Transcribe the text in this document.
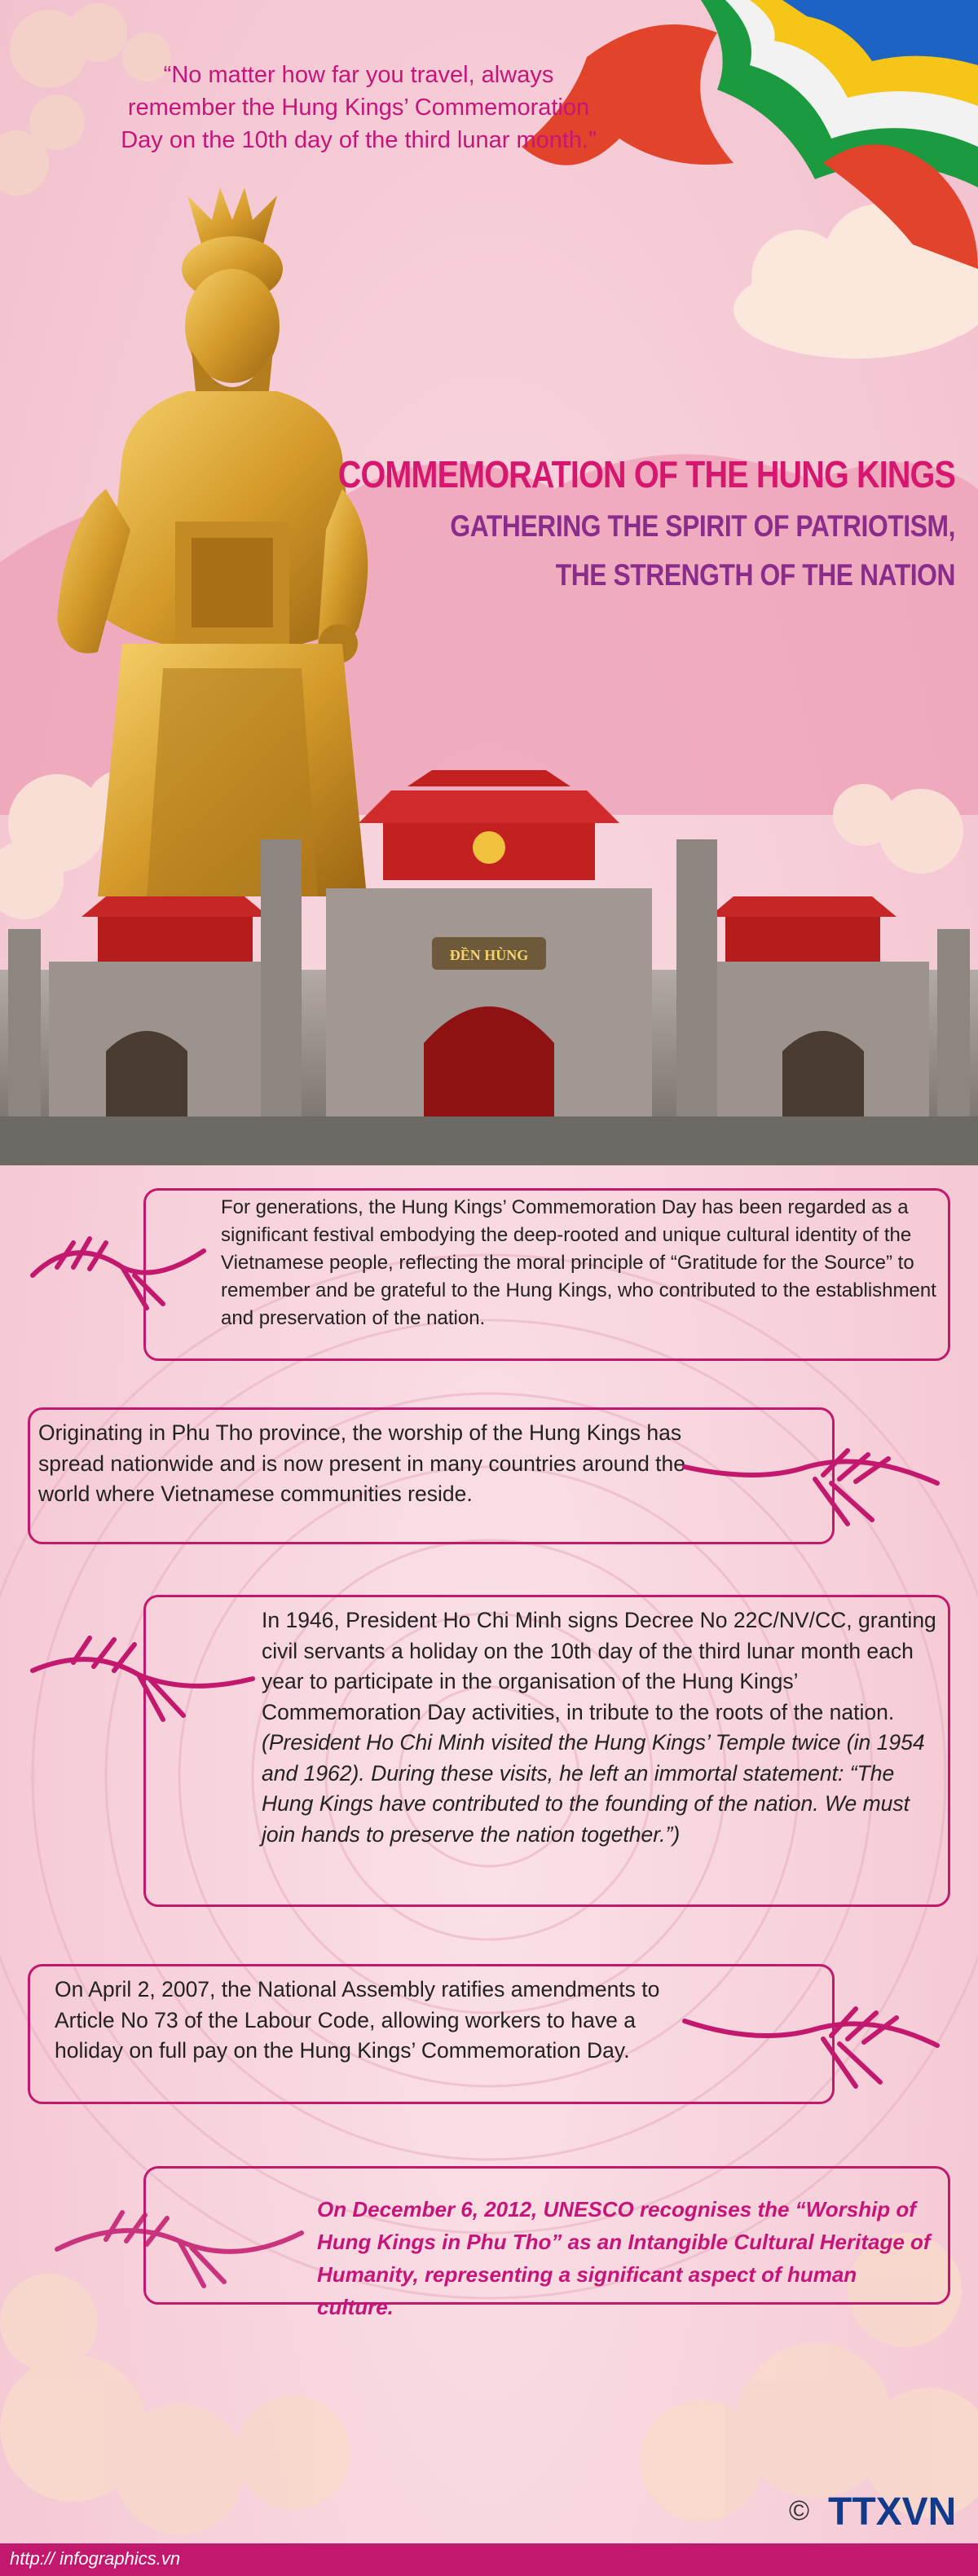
ĐỀN HÙNG

“No matter how far you travel, always remember the Hung Kings’ Commemoration Day on the 10th day of the third lunar month.”

COMMEMORATION OF THE HUNG KINGS

GATHERING THE SPIRIT OF PATRIOTISM,

THE STRENGTH OF THE NATION

For generations, the Hung Kings’ Commemoration Day has been regarded as a significant festival embodying the deep-rooted and unique cultural identity of the Vietnamese people, reflecting the moral principle of “Gratitude for the Source” to remember and be grateful to the Hung Kings, who contributed to the establishment and preservation of the nation.

Originating in Phu Tho province, the worship of the Hung Kings has spread nationwide and is now present in many countries around the world where Vietnamese communities reside.

In 1946, President Ho Chi Minh signs Decree No 22C/NV/CC, granting civil servants a holiday on the 10th day of the third lunar month each year to participate in the organisation of the Hung Kings’ Commemoration Day activities, in tribute to the roots of the nation. (President Ho Chi Minh visited the Hung Kings’ Temple twice (in 1954 and 1962). During these visits, he left an immortal statement: “The Hung Kings have contributed to the founding of the nation. We must join hands to preserve the nation together.”)

On April 2, 2007, the National Assembly ratifies amendments to Article No 73 of the Labour Code, allowing workers to have a holiday on full pay on the Hung Kings’ Commemoration Day.

On December 6, 2012, UNESCO recognises the “Worship of Hung Kings in Phu Tho” as an Intangible Cultural Heritage of Humanity, representing a significant aspect of human culture.

© TTXVN

http:// infographics.vn
